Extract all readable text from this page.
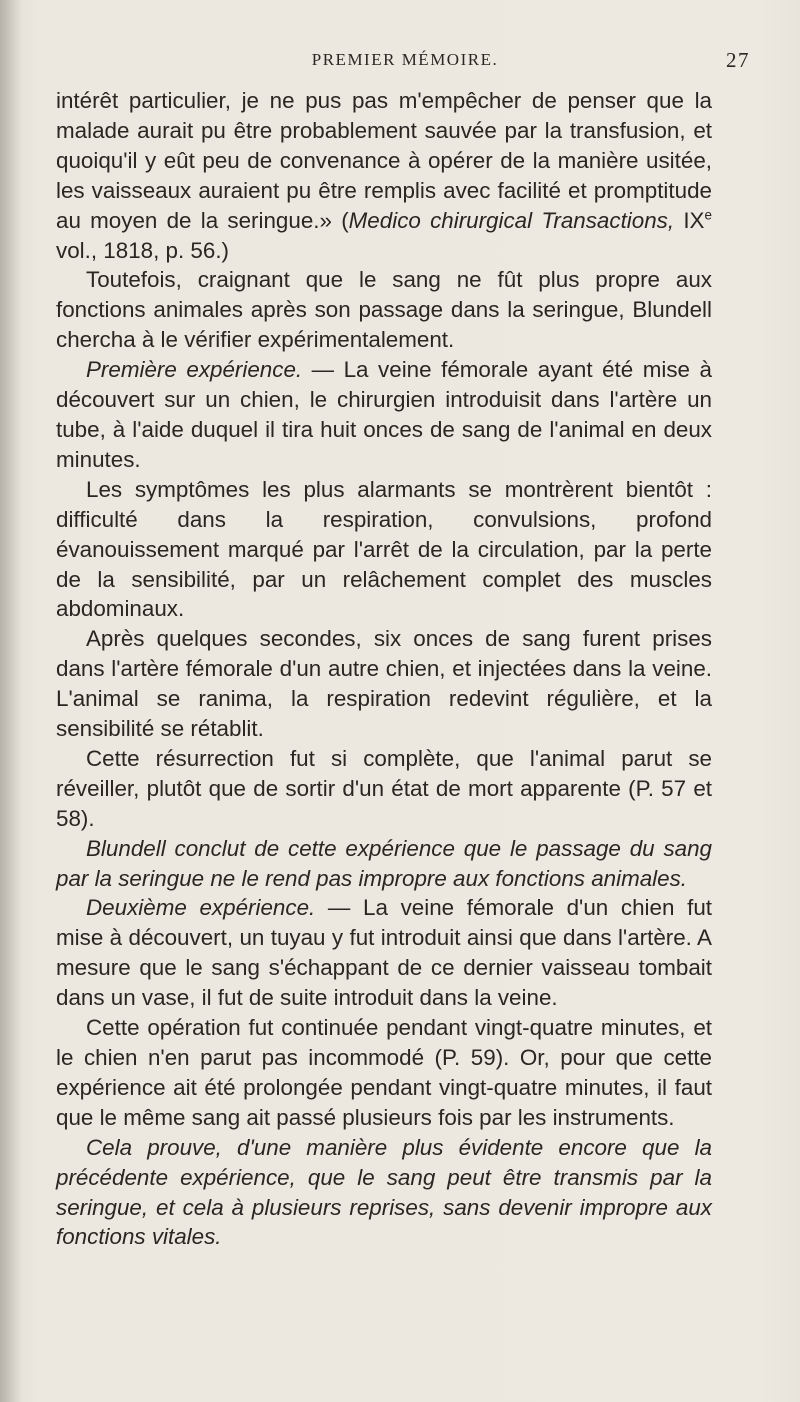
PREMIER MÉMOIRE.	27

intérêt particulier, je ne pus pas m'empêcher de penser que la malade aurait pu être probablement sauvée par la transfusion, et quoiqu'il y eût peu de convenance à opérer de la manière usitée, les vaisseaux auraient pu être remplis avec facilité et promptitude au moyen de la seringue.» (Medico chirurgical Transactions, IXe vol., 1818, p. 56.)

Toutefois, craignant que le sang ne fût plus propre aux fonctions animales après son passage dans la seringue, Blundell chercha à le vérifier expérimentalement.

Première expérience. — La veine fémorale ayant été mise à découvert sur un chien, le chirurgien introduisit dans l'artère un tube, à l'aide duquel il tira huit onces de sang de l'animal en deux minutes.

Les symptômes les plus alarmants se montrèrent bientôt : difficulté dans la respiration, convulsions, profond évanouissement marqué par l'arrêt de la circulation, par la perte de la sensibilité, par un relâchement complet des muscles abdominaux.

Après quelques secondes, six onces de sang furent prises dans l'artère fémorale d'un autre chien, et injectées dans la veine. L'animal se ranima, la respiration redevint régulière, et la sensibilité se rétablit.

Cette résurrection fut si complète, que l'animal parut se réveiller, plutôt que de sortir d'un état de mort apparente (P. 57 et 58).

Blundell conclut de cette expérience que le passage du sang par la seringue ne le rend pas impropre aux fonctions animales.

Deuxième expérience. — La veine fémorale d'un chien fut mise à découvert, un tuyau y fut introduit ainsi que dans l'artère. A mesure que le sang s'échappant de ce dernier vaisseau tombait dans un vase, il fut de suite introduit dans la veine.

Cette opération fut continuée pendant vingt-quatre minutes, et le chien n'en parut pas incommodé (P. 59). Or, pour que cette expérience ait été prolongée pendant vingt-quatre minutes, il faut que le même sang ait passé plusieurs fois par les instruments.

Cela prouve, d'une manière plus évidente encore que la précédente expérience, que le sang peut être transmis par la seringue, et cela à plusieurs reprises, sans devenir impropre aux fonctions vitales.
